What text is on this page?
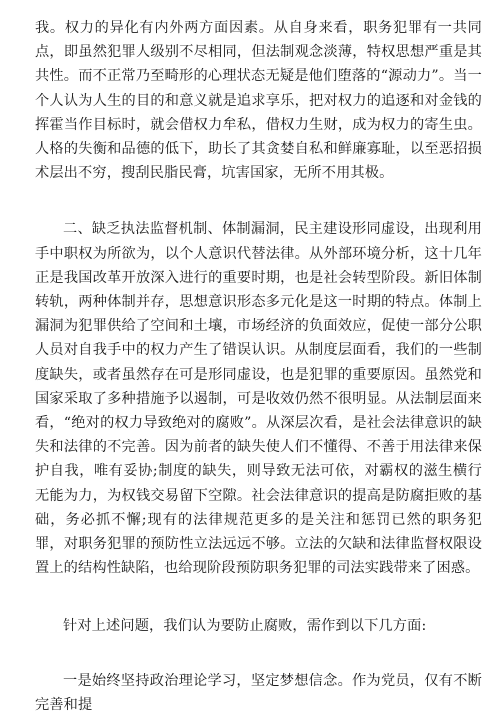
我。权力的异化有内外两方面因素。从自身来看，职务犯罪有一共同点，即虽然犯罪人级别不尽相同，但法制观念淡薄，特权思想严重是其共性。而不正常乃至畸形的心理状态无疑是他们堕落的“源动力”。当一个人认为人生的目的和意义就是追求享乐，把对权力的追逐和对金钱的挥霍当作目标时，就会借权力牟私，借权力生财，成为权力的寄生虫。人格的失衡和品德的低下，助长了其贪婪自私和鲜廉寡耻，以至恶招损术层出不穷，搜刮民脂民膏，坑害国家，无所不用其极。

二、缺乏执法监督机制、体制漏洞，民主建设形同虚设，出现利用手中职权为所欲为，以个人意识代替法律。从外部环境分析，这十几年正是我国改革开放深入进行的重要时期，也是社会转型阶段。新旧体制转轨，两种体制并存，思想意识形态多元化是这一时期的特点。体制上漏洞为犯罪供给了空间和土壤，市场经济的负面效应，促使一部分公职人员对自我手中的权力产生了错误认识。从制度层面看，我们的一些制度缺失，或者虽然存在可是形同虚设，也是犯罪的重要原因。虽然党和国家采取了多种措施予以遏制，可是收效仍然不很明显。从法制层面来看，“绝对的权力导致绝对的腐败”。从深层次看，是社会法律意识的缺失和法律的不完善。因为前者的缺失使人们不懂得、不善于用法律来保护自我，唯有妥协;制度的缺失，则导致无法可依，对霸权的滋生横行无能为力，为权钱交易留下空隙。社会法律意识的提高是防腐拒败的基础，务必抓不懈;现有的法律规范更多的是关注和惩罚已然的职务犯罪，对职务犯罪的预防性立法远远不够。立法的欠缺和法律监督权限设置上的结构性缺陷，也给现阶段预防职务犯罪的司法实践带来了困惑。

针对上述问题，我们认为要防止腐败，需作到以下几方面:

一是始终坚持政治理论学习，坚定梦想信念。作为党员，仅有不断完善和提
